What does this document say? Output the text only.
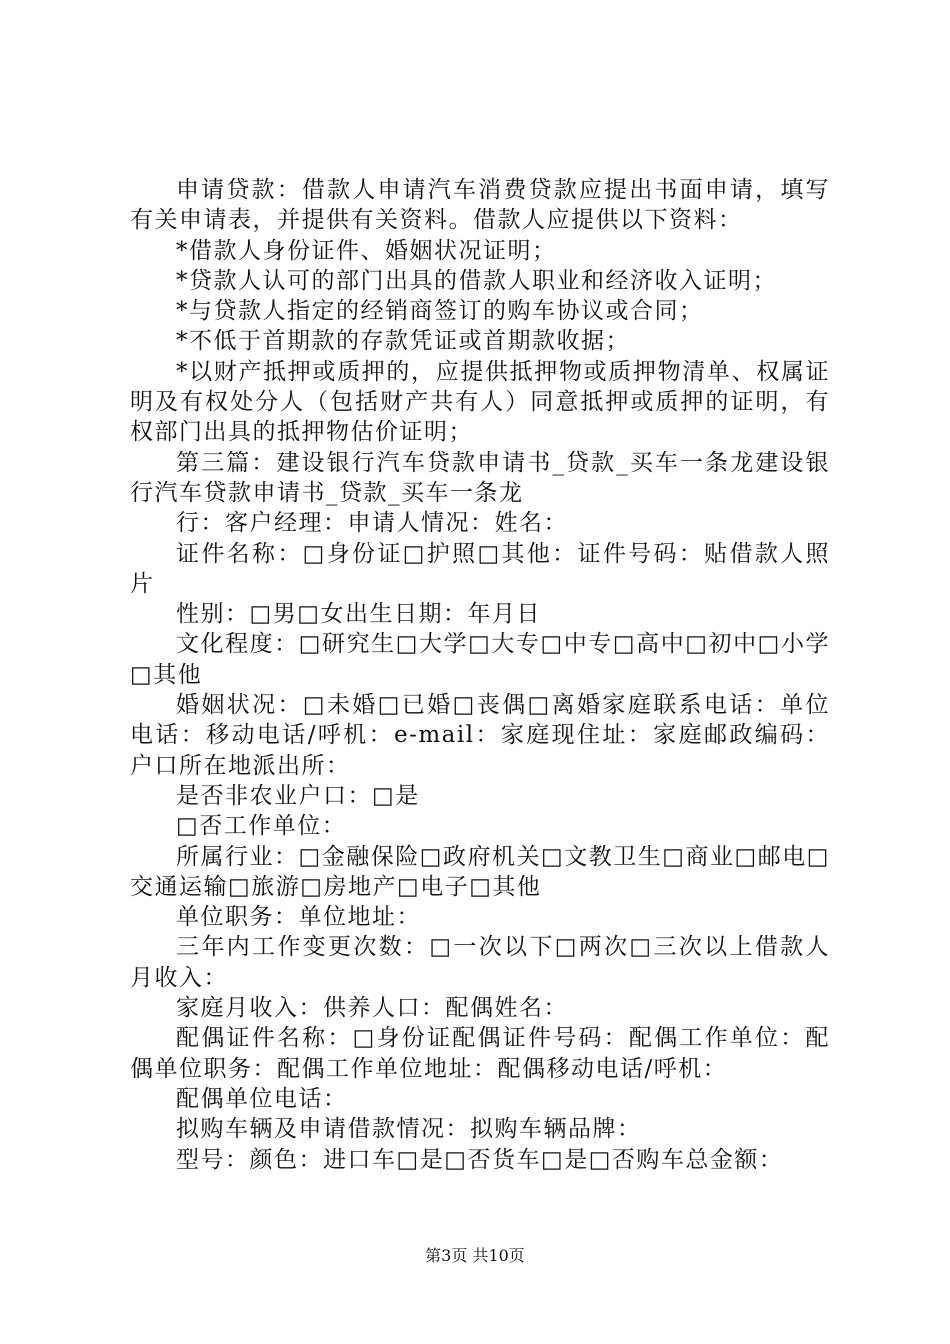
申请贷款：借款人申请汽车消费贷款应提出书面申请，填写有关申请表，并提供有关资料。借款人应提供以下资料：

*借款人身份证件、婚姻状况证明；

*贷款人认可的部门出具的借款人职业和经济收入证明；

*与贷款人指定的经销商签订的购车协议或合同；

*不低于首期款的存款凭证或首期款收据；

*以财产抵押或质押的，应提供抵押物或质押物清单、权属证明及有权处分人（包括财产共有人）同意抵押或质押的证明，有权部门出具的抵押物估价证明；

第三篇：建设银行汽车贷款申请书_贷款_买车一条龙建设银行汽车贷款申请书_贷款_买车一条龙

行：客户经理：申请人情况：姓名：

证件名称：□身份证□护照□其他：证件号码：贴借款人照片

性别：□男□女出生日期：年月日

文化程度：□研究生□大学□大专□中专□高中□初中□小学□其他

婚姻状况：□未婚□已婚□丧偶□离婚家庭联系电话：单位电话：移动电话/呼机：e-mail：家庭现住址：家庭邮政编码：户口所在地派出所：

是否非农业户口：□是

□否工作单位：

所属行业：□金融保险□政府机关□文教卫生□商业□邮电□交通运输□旅游□房地产□电子□其他

单位职务：单位地址：

三年内工作变更次数：□一次以下□两次□三次以上借款人月收入：

家庭月收入：供养人口：配偶姓名：

配偶证件名称：□身份证配偶证件号码：配偶工作单位：配偶单位职务：配偶工作单位地址：配偶移动电话/呼机：

配偶单位电话：

拟购车辆及申请借款情况：拟购车辆品牌：

型号：颜色：进口车□是□否货车□是□否购车总金额：

第3页 共10页
